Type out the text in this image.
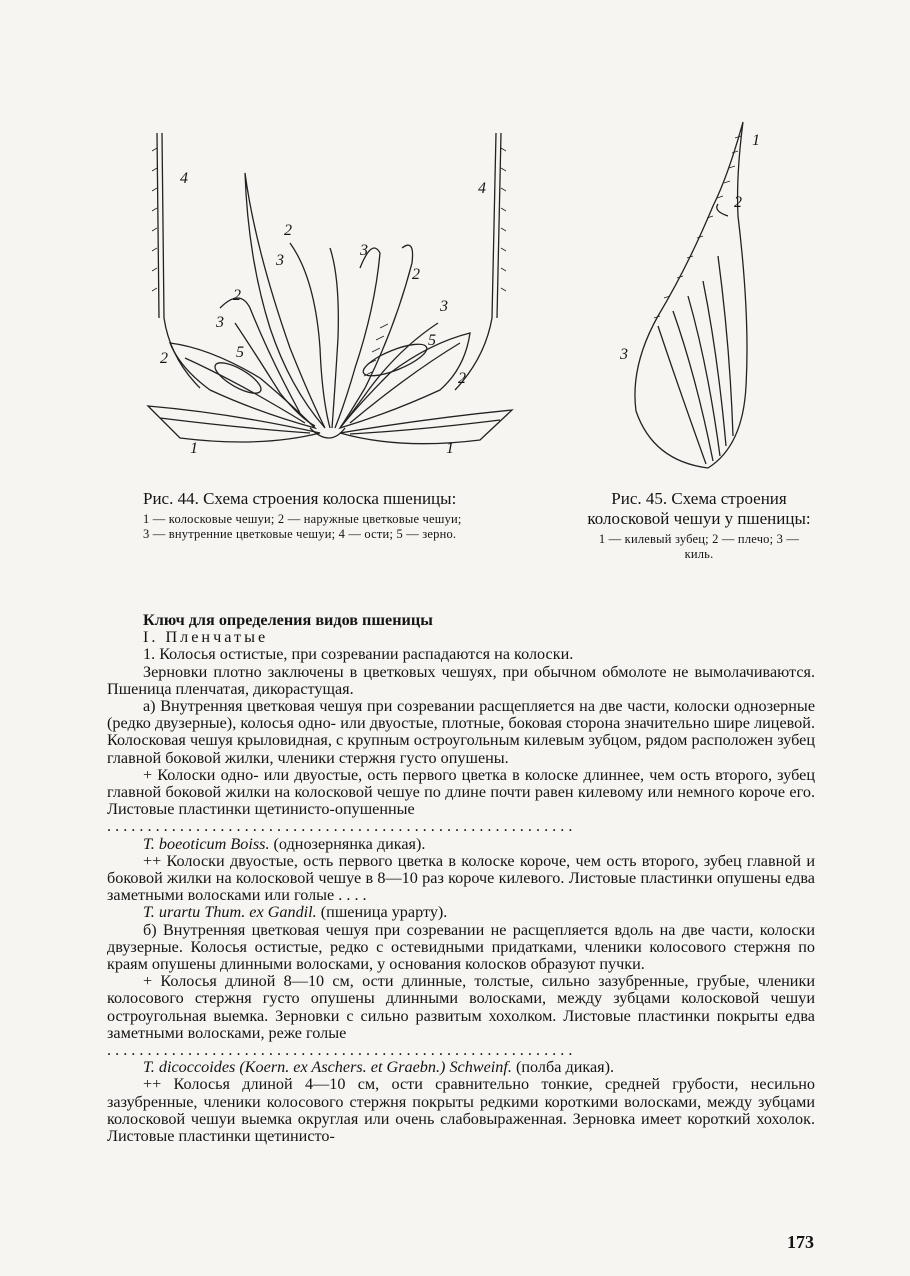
4
4
2
3
3
2
2
3
3
5
5
2
2
1	1
1
2
3
Рис. 44. Схема строения колоска пшеницы:
1 — колосковые чешуи; 2 — наружные цветковые чешуи;
3 — внутренние цветковые чешуи; 4 — ости; 5 — зерно.
Рис. 45. Схема строения колосковой чешуи у пшеницы:
1 — килевый зубец; 2 — плечо; 3 — киль.

Ключ для определения видов пшеницы

I. Пленчатые

1. Колосья остистые, при созревании распадаются на колоски.

Зерновки плотно заключены в цветковых чешуях, при обычном обмолоте не вымолачиваются. Пшеница пленчатая, дикорастущая.

а) Внутренняя цветковая чешуя при созревании расщепляется на две части, колоски однозерные (редко двузерные), колосья одно- или двуостые, плотные, боковая сторона значительно шире лицевой. Колосковая чешуя крыловидная, с крупным остроугольным килевым зубцом, рядом расположен зубец главной боковой жилки, членики стержня густо опушены.

+ Колоски одно- или двуостые, ость первого цветка в колоске длиннее, чем ость второго, зубец главной боковой жилки на колосковой чешуе по длине почти равен килевому или немного короче его. Листовые пластинки щетинисто-опушенные

. . . . . . . . . . . . . . . . . . . . . . . . . . . . . . . . . . . . . . . . . . . . . . . . . . . . . . . . . .

T. boeoticum Boiss. (однозернянка дикая).

++ Колоски двуостые, ость первого цветка в колоске короче, чем ость второго, зубец главной и боковой жилки на колосковой чешуе в 8—10 раз короче килевого. Листовые пластинки опушены едва заметными волосками или голые . . . .

T. urartu Thum. ex Gandil. (пшеница урарту).

б) Внутренняя цветковая чешуя при созревании не расщепляется вдоль на две части, колоски двузерные. Колосья остистые, редко с остевидными придатками, членики колосового стержня по краям опушены длинными волосками, у основания колосков образуют пучки.

+ Колосья длиной 8—10 см, ости длинные, толстые, сильно зазубренные, грубые, членики колосового стержня густо опушены длинными волосками, между зубцами колосковой чешуи остроугольная выемка. Зерновки с сильно развитым хохолком. Листовые пластинки покрыты едва заметными волосками, реже голые

. . . . . . . . . . . . . . . . . . . . . . . . . . . . . . . . . . . . . . . . . . . . . . . . . . . . . . . . . .

T. dicoccoides (Koern. ex Aschers. et Graebn.) Schweinf. (полба дикая).

++ Колосья длиной 4—10 см, ости сравнительно тонкие, средней грубости, несильно зазубренные, членики колосового стержня покрыты редкими короткими волосками, между зубцами колосковой чешуи выемка округлая или очень слабовыраженная. Зерновка имеет короткий хохолок. Листовые пластинки щетинисто-

173
